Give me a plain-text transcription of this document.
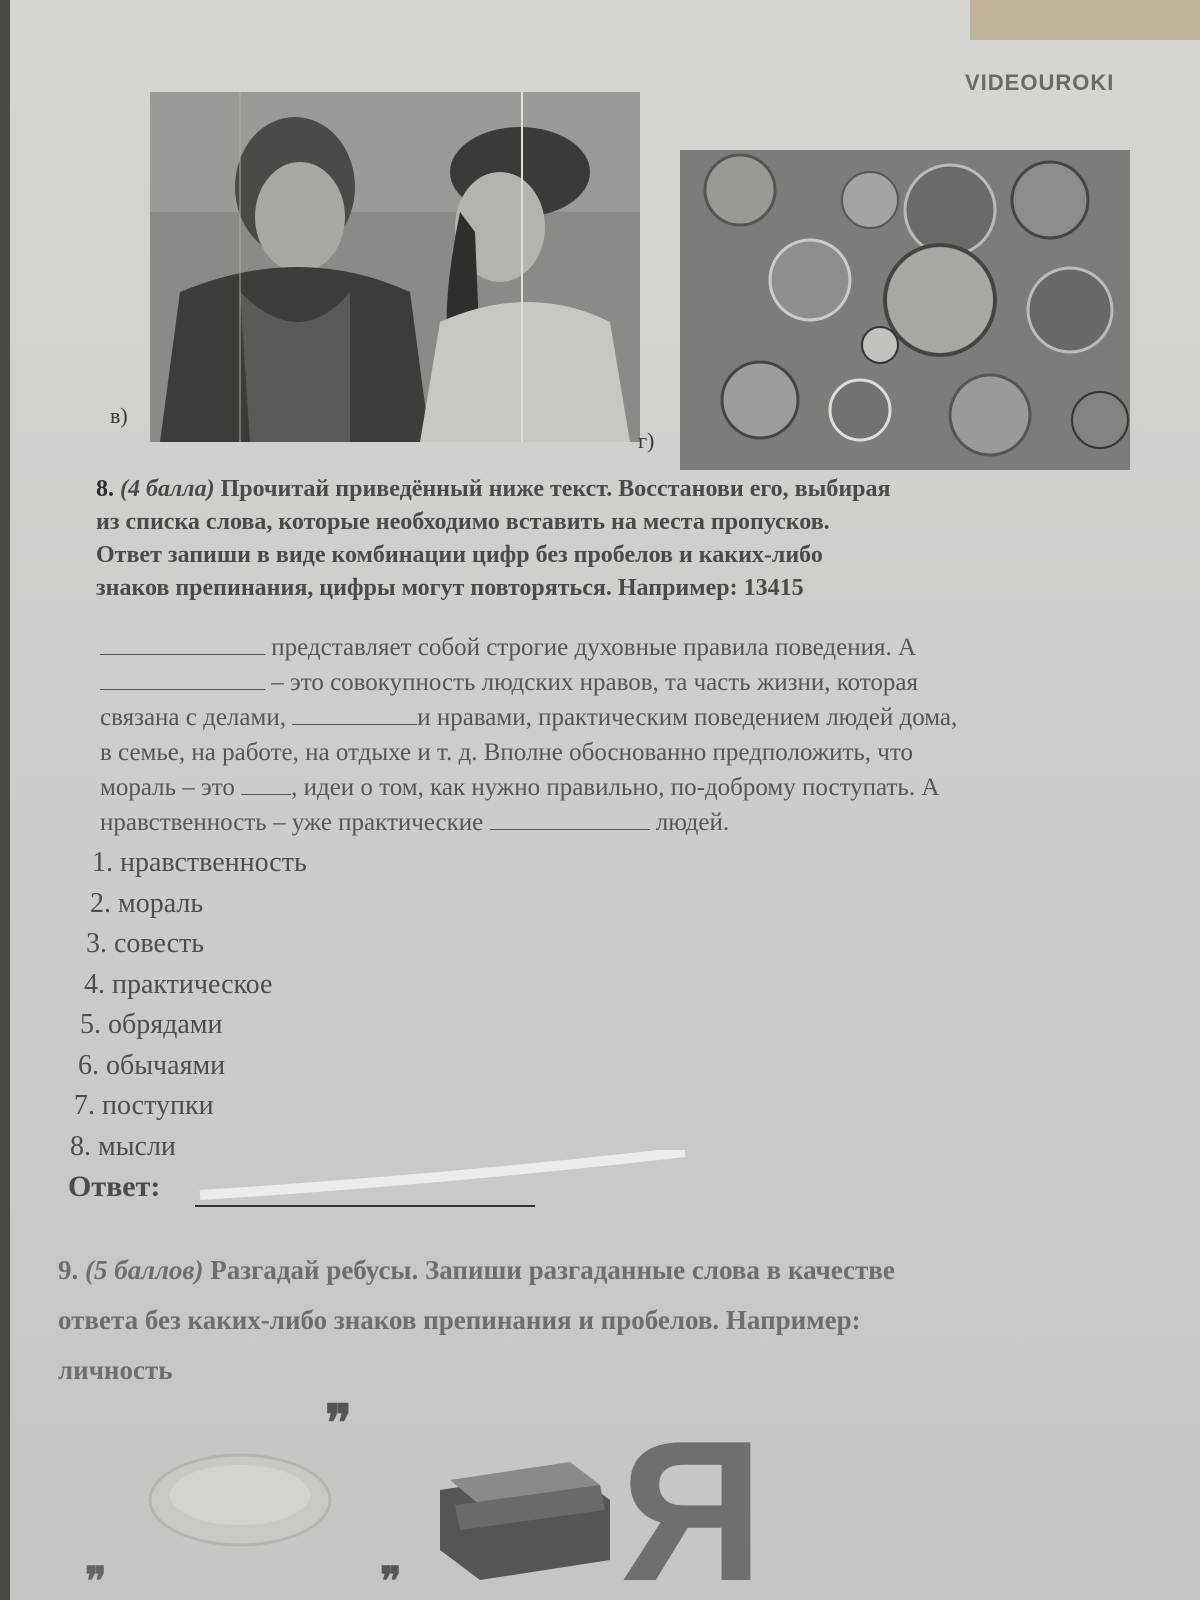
VIDEOUROKI
в)
г)

8. (4 балла) Прочитай приведённый ниже текст. Восстанови его, выбирая

из списка слова, которые необходимо вставить на места пропусков.

Ответ запиши в виде комбинации цифр без пробелов и каких-либо

знаков препинания, цифры могут повторяться. Например: 13415

представляет собой строгие духовные правила поведения. А

– это совокупность людских нравов, та часть жизни, которая

связана с делами,	и нравами, практическим поведением людей дома,

в семье, на работе, на отдыхе и т. д. Вполне обоснованно предположить, что

мораль – это , идеи о том, как нужно правильно, по-доброму поступать. А

нравственность – уже практические	людей.

1. нравственность
2. мораль
3. совесть
4. практическое
5. обрядами
6. обычаями
7. поступки
8. мысли
Ответ:

9. (5 баллов) Разгадай ребусы. Запиши разгаданные слова в качестве

ответа без каких-либо знаков препинания и пробелов. Например:

личность

Я
❞
❞
❞
